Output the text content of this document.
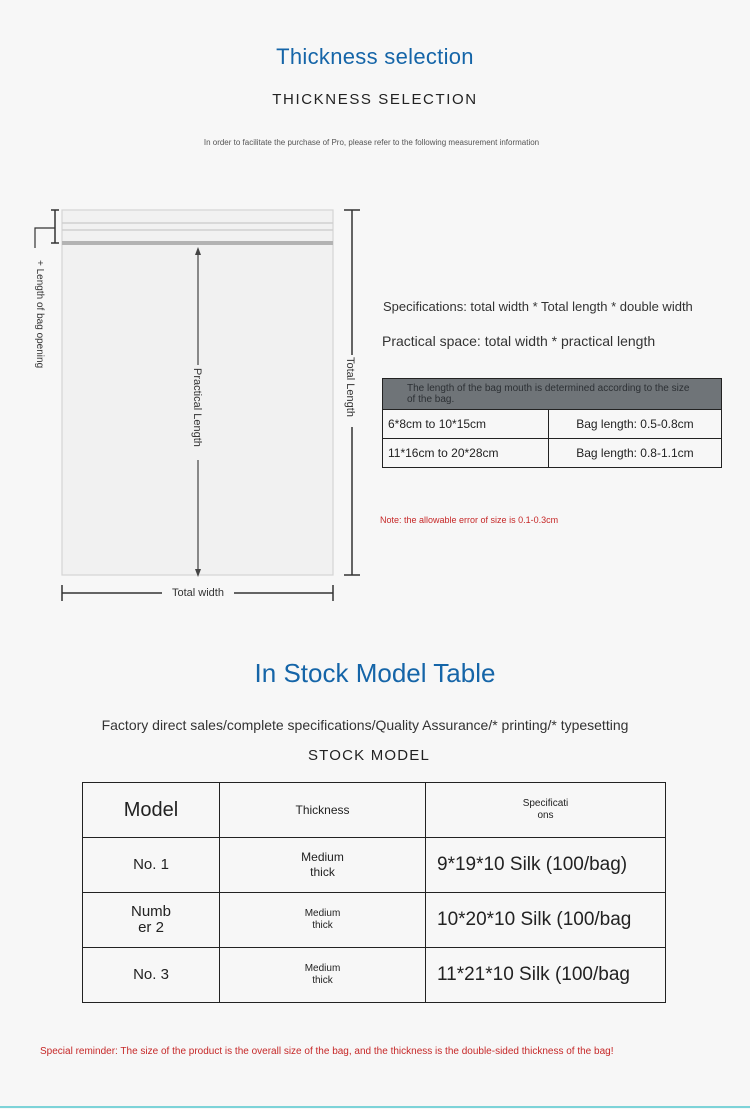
Thickness selection
THICKNESS SELECTION
In order to facilitate the purchase of Pro, please refer to the following measurement information
+ Length of bag opening
Practical Length	Total Length
Total width
Specifications: total width * Total length * double width
Practical space: total width * practical length
The length of the bag mouth is determined according to the size of the bag.	
6*8cm to 10*15cm	Bag length: 0.5-0.8cm
11*16cm to 20*28cm	Bag length: 0.8-1.1cm
Note: the allowable error of size is 0.1-0.3cm
In Stock Model Table
Factory direct sales/complete specifications/Quality Assurance/* printing/* typesetting
STOCK MODEL
Model	Thickness	Specifications
No. 1	Medium thick	9*19*10 Silk (100/bag)

Number 2	Medium thick	10*20*10 Silk (100/bag

No. 3	Medium thick	11*21*10 Silk (100/bag
Special reminder: The size of the product is the overall size of the bag, and the thickness is the double-sided thickness of the bag!
